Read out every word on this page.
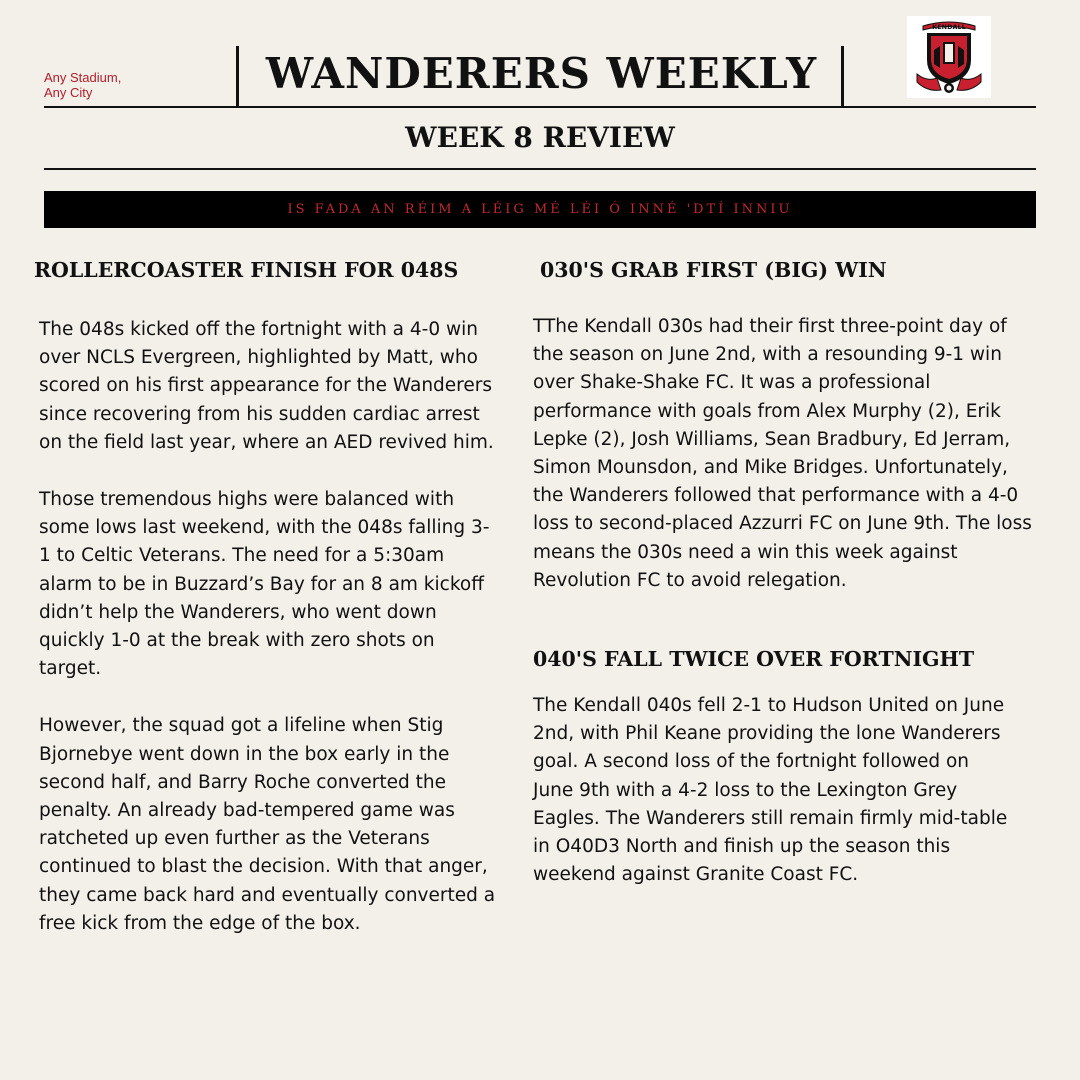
Any Stadium,
Any City	WANDERERS WEEKLY
KENDALL
WEEK 8 REVIEW
IS FADA AN RÉIM A LÉIG MÉ LÉI Ó INNÉ 'DTÍ INNIU
ROLLERCOASTER FINISH FOR 048S

The 048s kicked off the fortnight with a 4-0 win over NCLS Evergreen, highlighted by Matt, who scored on his first appearance for the Wanderers since recovering from his sudden cardiac arrest on the field last year, where an AED revived him.

Those tremendous highs were balanced with some lows last weekend, with the 048s falling 3-1 to Celtic Veterans. The need for a 5:30am alarm to be in Buzzard’s Bay for an 8 am kickoff didn’t help the Wanderers, who went down quickly 1-0 at the break with zero shots on target.

However, the squad got a lifeline when Stig Bjornebye went down in the box early in the second half, and Barry Roche converted the penalty. An already bad-tempered game was ratcheted up even further as the Veterans continued to blast the decision. With that anger, they came back hard and eventually converted a free kick from the edge of the box.

030'S GRAB FIRST (BIG) WIN

TThe Kendall 030s had their first three-point day of the season on June 2nd, with a resounding 9-1 win over Shake-Shake FC. It was a professional performance with goals from Alex Murphy (2), Erik Lepke (2), Josh Williams, Sean Bradbury, Ed Jerram, Simon Mounsdon, and Mike Bridges. Unfortunately, the Wanderers followed that performance with a 4-0 loss to second-placed Azzurri FC on June 9th. The loss means the 030s need a win this week against Revolution FC to avoid relegation.

040'S FALL TWICE OVER FORTNIGHT

The Kendall 040s fell 2-1 to Hudson United on June 2nd, with Phil Keane providing the lone Wanderers goal. A second loss of the fortnight followed on June 9th with a 4-2 loss to the Lexington Grey Eagles. The Wanderers still remain firmly mid-table in O40D3 North and finish up the season this weekend against Granite Coast FC.
